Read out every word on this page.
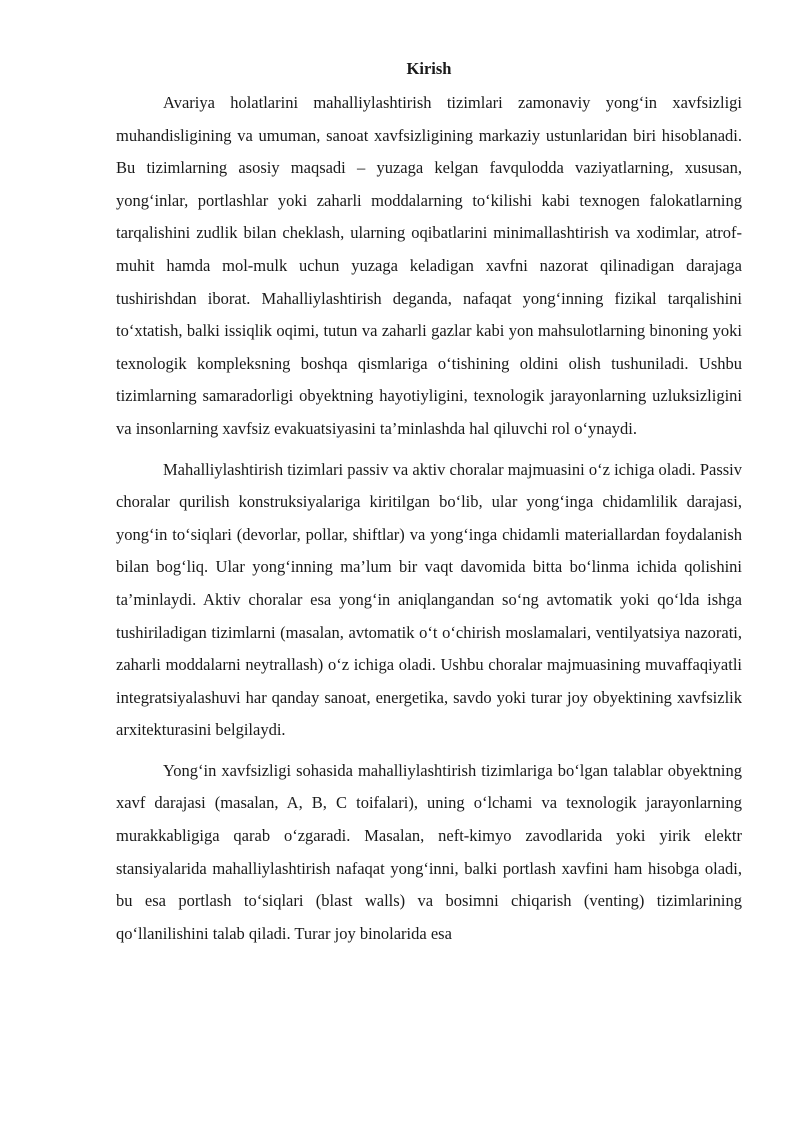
Kirish

Avariya holatlarini mahalliylashtirish tizimlari zamonaviy yong‘in xavfsizligi muhandisligining va umuman, sanoat xavfsizligining markaziy ustunlaridan biri hisoblanadi. Bu tizimlarning asosiy maqsadi – yuzaga kelgan favqulodda vaziyatlarning, xususan, yong‘inlar, portlashlar yoki zaharli moddalarning to‘kilishi kabi texnogen falokatlarning tarqalishini zudlik bilan cheklash, ularning oqibatlarini minimallashtirish va xodimlar, atrof-muhit hamda mol-mulk uchun yuzaga keladigan xavfni nazorat qilinadigan darajaga tushirishdan iborat. Mahalliylashtirish deganda, nafaqat yong‘inning fizikal tarqalishini to‘xtatish, balki issiqlik oqimi, tutun va zaharli gazlar kabi yon mahsulotlarning binoning yoki texnologik kompleksning boshqa qismlariga o‘tishining oldini olish tushuniladi. Ushbu tizimlarning samaradorligi obyektning hayotiyligini, texnologik jarayonlarning uzluksizligini va insonlarning xavfsiz evakuatsiyasini ta’minlashda hal qiluvchi rol o‘ynaydi.

Mahalliylashtirish tizimlari passiv va aktiv choralar majmuasini o‘z ichiga oladi. Passiv choralar qurilish konstruksiyalariga kiritilgan bo‘lib, ular yong‘inga chidamlilik darajasi, yong‘in to‘siqlari (devorlar, pollar, shiftlar) va yong‘inga chidamli materiallardan foydalanish bilan bog‘liq. Ular yong‘inning ma’lum bir vaqt davomida bitta bo‘linma ichida qolishini ta’minlaydi. Aktiv choralar esa yong‘in aniqlangandan so‘ng avtomatik yoki qo‘lda ishga tushiriladigan tizimlarni (masalan, avtomatik o‘t o‘chirish moslamalari, ventilyatsiya nazorati, zaharli moddalarni neytrallash) o‘z ichiga oladi. Ushbu choralar majmuasining muvaffaqiyatli integratsiyalashuvi har qanday sanoat, energetika, savdo yoki turar joy obyektining xavfsizlik arxitekturasini belgilaydi.

Yong‘in xavfsizligi sohasida mahalliylashtirish tizimlariga bo‘lgan talablar obyektning xavf darajasi (masalan, A, B, C toifalari), uning o‘lchami va texnologik jarayonlarning murakkabligiga qarab o‘zgaradi. Masalan, neft-kimyo zavodlarida yoki yirik elektr stansiyalarida mahalliylashtirish nafaqat yong‘inni, balki portlash xavfini ham hisobga oladi, bu esa portlash to‘siqlari (blast walls) va bosimni chiqarish (venting) tizimlarining qo‘llanilishini talab qiladi. Turar joy binolarida esa
